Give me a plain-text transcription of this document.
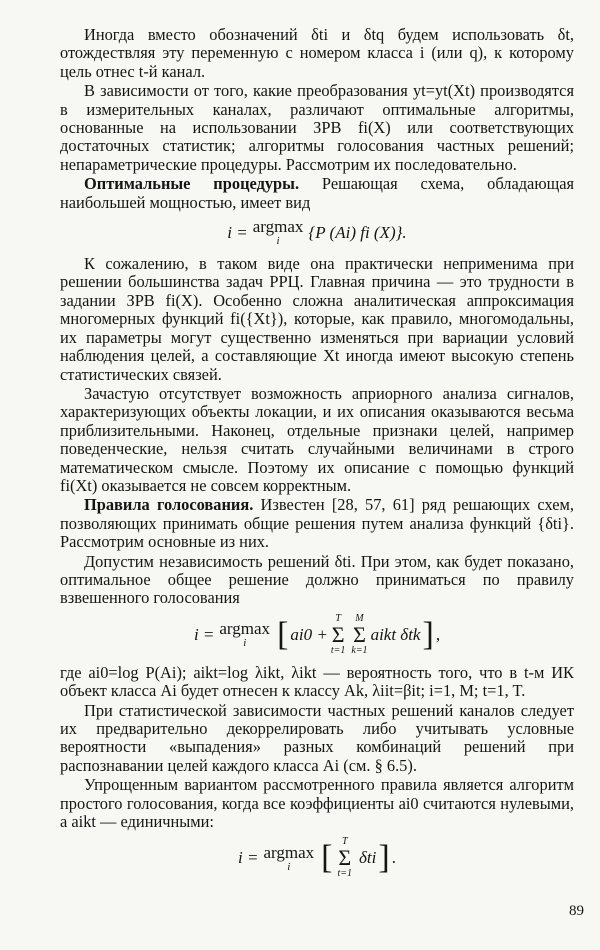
Иногда вместо обозначений δti и δtq будем использовать δt, отождествляя эту переменную с номером класса i (или q), к которому цель отнес t-й канал.

В зависимости от того, какие преобразования yt=yt(Xt) производятся в измерительных каналах, различают оптимальные алгоритмы, основанные на использовании ЗРВ fi(X) или соответствующих достаточных статистик; алгоритмы голосования частных решений; непараметрические процедуры. Рассмотрим их последовательно.

Оптимальные процедуры. Решающая схема, обладающая наибольшей мощностью, имеет вид

i = argmax
i {P (Ai) fi (X)}.

К сожалению, в таком виде она практически неприменима при решении большинства задач РРЦ. Главная причина — это трудности в задании ЗРВ fi(X). Особенно сложна аналитическая аппроксимация многомерных функций fi({Xt}), которые, как правило, многомодальны, их параметры могут существенно изменяться при вариации условий наблюдения целей, а составляющие Xt иногда имеют высокую степень статистических связей.

Зачастую отсутствует возможность априорного анализа сигналов, характеризующих объекты локации, и их описания оказываются весьма приблизительными. Наконец, отдельные признаки целей, например поведенческие, нельзя считать случайными величинами в строго математическом смысле. Поэтому их описание с помощью функций fi(Xt) оказывается не совсем корректным.

Правила голосования. Известен [28, 57, 61] ряд решающих схем, позволяющих принимать общие решения путем анализа функций {δti}. Рассмотрим основные из них.

Допустим независимость решений δti. При этом, как будет показано, оптимальное общее решение должно приниматься по правилу взвешенного голосования

i = argmax
i [ ai0 +
T
Σ
t=1
M
Σ
k=1
aikt δtk ] ,

где ai0=log P(Ai); aikt=log λikt, λikt — вероятность того, что в t-м ИК объект класса Ai будет отнесен к классу Ak, λiit=βit; i=1, M; t=1, T.

При статистической зависимости частных решений каналов следует их предварительно декоррелировать либо учитывать условные вероятности «выпадения» разных комбинаций решений при распознавании целей каждого класса Ai (см. § 6.5).

Упрощенным вариантом рассмотренного правила является алгоритм простого голосования, когда все коэффициенты ai0 считаются нулевыми, а aikt — единичными:

i = argmax
i [ T
Σ
t=1
δti ] .
89
